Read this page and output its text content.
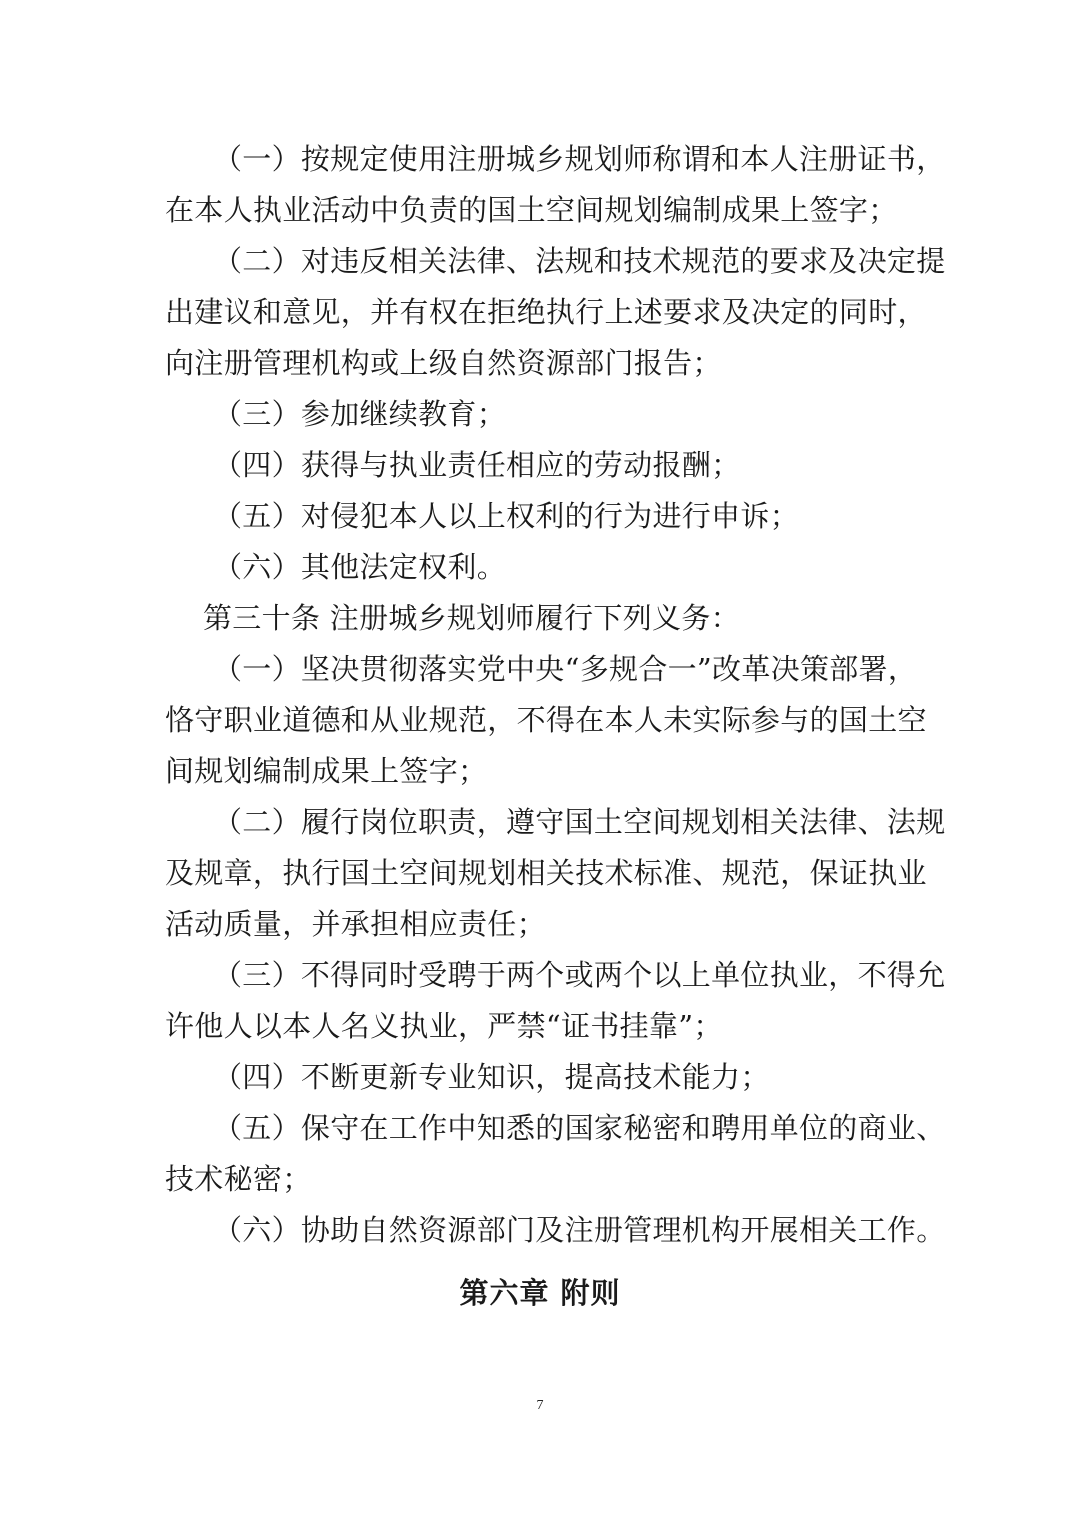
（一）按规定使用注册城乡规划师称谓和本人注册证书，
在本人执业活动中负责的国土空间规划编制成果上签字；
（二）对违反相关法律、法规和技术规范的要求及决定提
出建议和意见，并有权在拒绝执行上述要求及决定的同时，
向注册管理机构或上级自然资源部门报告；
（三）参加继续教育；
（四）获得与执业责任相应的劳动报酬；
（五）对侵犯本人以上权利的行为进行申诉；
（六）其他法定权利。
第三十条 注册城乡规划师履行下列义务：
（一）坚决贯彻落实党中央“多规合一”改革决策部署，
恪守职业道德和从业规范，不得在本人未实际参与的国土空
间规划编制成果上签字；
（二）履行岗位职责，遵守国土空间规划相关法律、法规
及规章，执行国土空间规划相关技术标准、规范，保证执业
活动质量，并承担相应责任；
（三）不得同时受聘于两个或两个以上单位执业，不得允
许他人以本人名义执业，严禁“证书挂靠”；
（四）不断更新专业知识，提高技术能力；
（五）保守在工作中知悉的国家秘密和聘用单位的商业、
技术秘密；
（六）协助自然资源部门及注册管理机构开展相关工作。
第六章 附则
7
